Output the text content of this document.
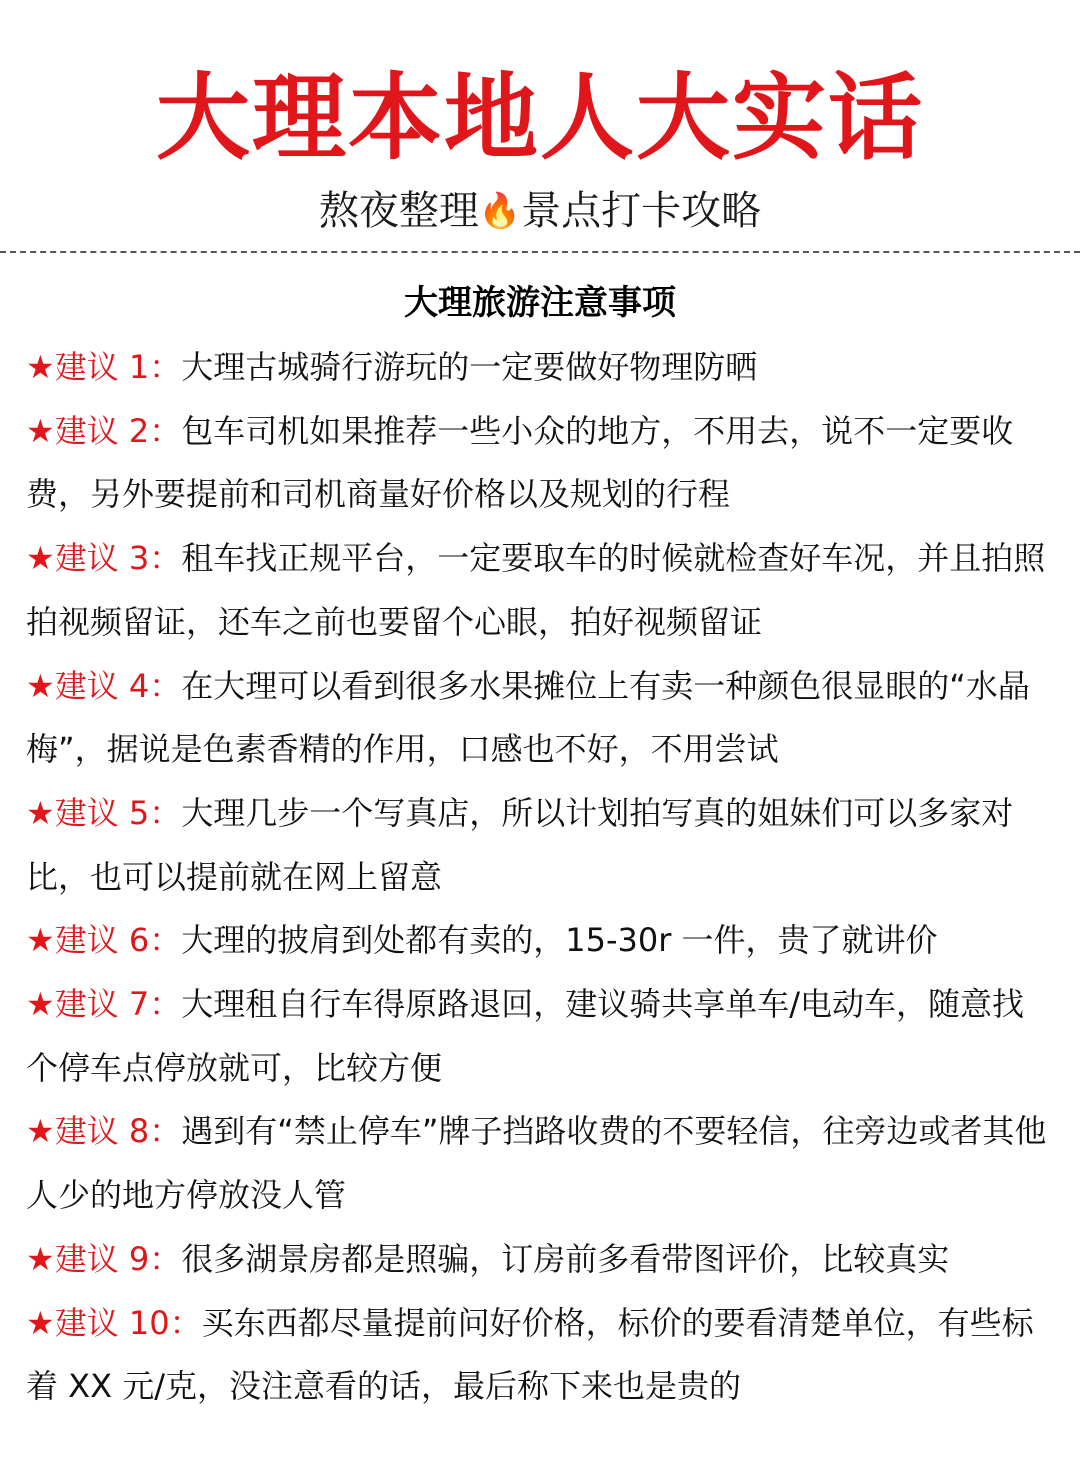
大理本地人大实话
熬夜整理🔥景点打卡攻略
大理旅游注意事项
★建议 1：大理古城骑行游玩的一定要做好物理防晒
★建议 2：包车司机如果推荐一些小众的地方，不用去，说不一定要收费，另外要提前和司机商量好价格以及规划的行程
★建议 3：租车找正规平台，一定要取车的时候就检查好车况，并且拍照拍视频留证，还车之前也要留个心眼，拍好视频留证
★建议 4：在大理可以看到很多水果摊位上有卖一种颜色很显眼的“水晶梅”，据说是色素香精的作用，口感也不好，不用尝试
★建议 5：大理几步一个写真店，所以计划拍写真的姐妹们可以多家对比，也可以提前就在网上留意
★建议 6：大理的披肩到处都有卖的，15-30r 一件，贵了就讲价
★建议 7：大理租自行车得原路退回，建议骑共享单车/电动车，随意找个停车点停放就可，比较方便
★建议 8：遇到有“禁止停车”牌子挡路收费的不要轻信，往旁边或者其他人少的地方停放没人管
★建议 9：很多湖景房都是照骗，订房前多看带图评价，比较真实
★建议 10：买东西都尽量提前问好价格，标价的要看清楚单位，有些标着 XX 元/克，没注意看的话，最后称下来也是贵的
